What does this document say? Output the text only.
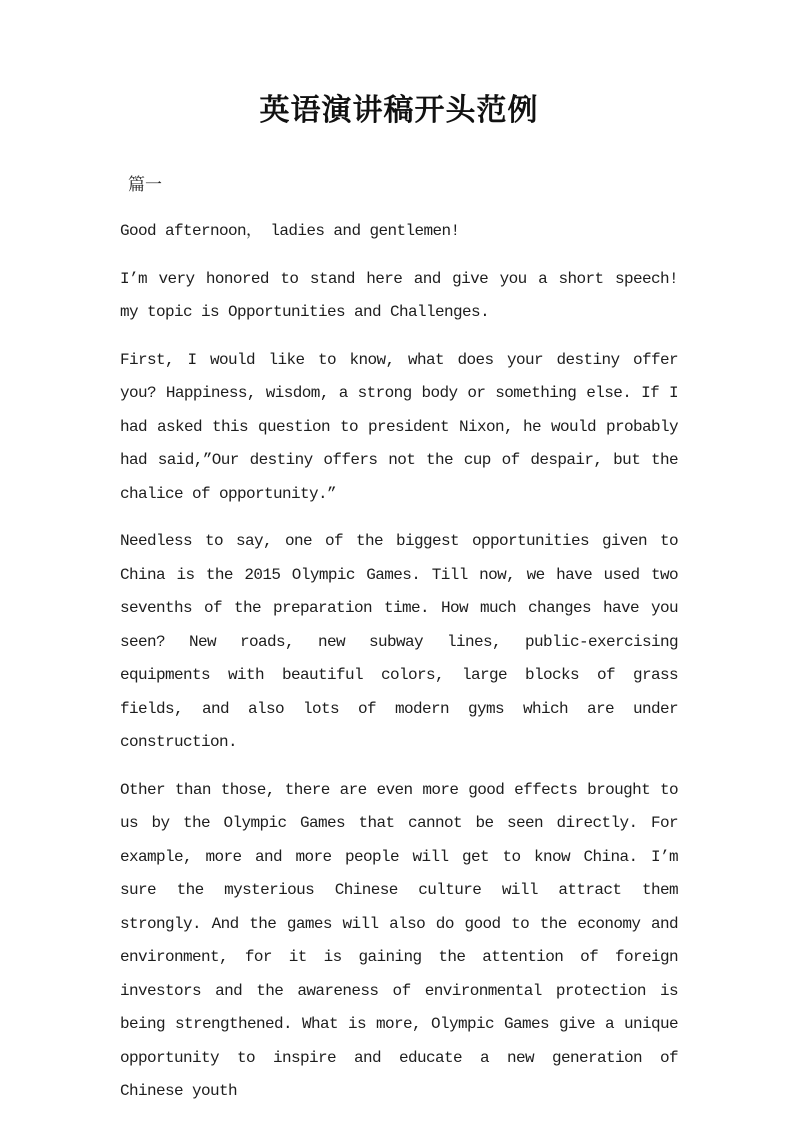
英语演讲稿开头范例
篇一

Good afternoon， ladies and gentlemen!

I’m very honored to stand here and give you a short speech! my topic is Opportunities and Challenges.

First, I would like to know, what does your destiny offer you? Happiness, wisdom, a strong body or something else. If I had asked this question to president Nixon, he would probably had said,”Our destiny offers not the cup of despair, but the chalice of opportunity.”

Needless to say, one of the biggest opportunities given to China is the 2015 Olympic Games. Till now, we have used two sevenths of the preparation time. How much changes have you seen? New roads, new subway lines, public-exercising equipments with beautiful colors, large blocks of grass fields, and also lots of modern gyms which are under construction.

Other than those, there are even more good effects brought to us by the Olympic Games that cannot be seen directly. For example, more and more people will get to know China. I’m sure the mysterious Chinese culture will attract them strongly. And the games will also do good to the economy and environment, for it is gaining the attention of foreign investors and the awareness of environmental protection is being strengthened. What is more, Olympic Games give a unique opportunity to inspire and educate a new generation of Chinese youth
